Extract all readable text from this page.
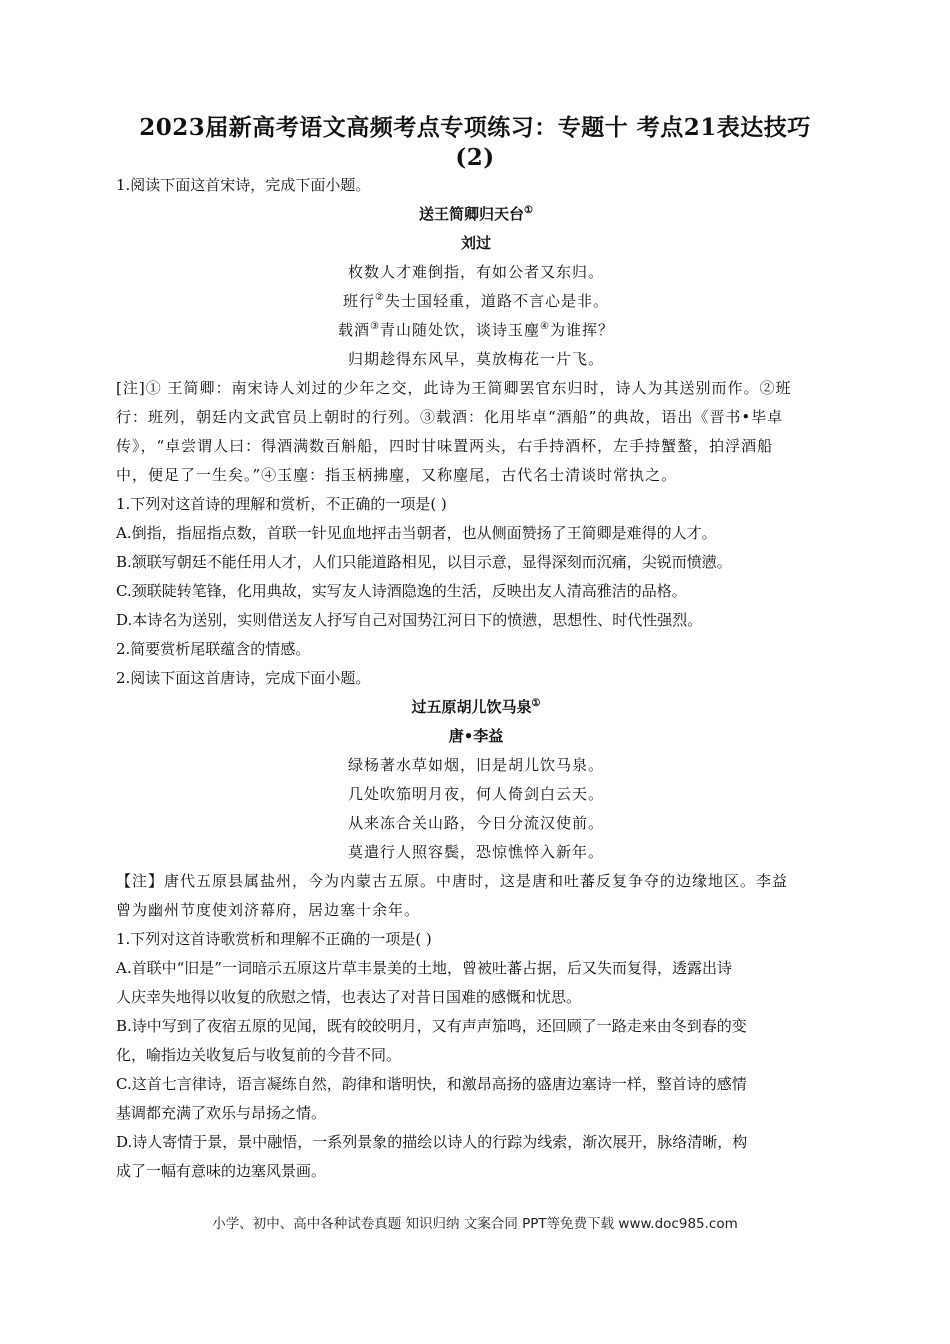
2023届新高考语文高频考点专项练习：专题十 考点21表达技巧
(2)

1.阅读下面这首宋诗，完成下面小题。

送王简卿归天台①

刘过

枚数人才难倒指，有如公者又东归。

班行②失士国轻重，道路不言心是非。

载酒③青山随处饮，谈诗玉麈④为谁挥？

归期趁得东风早，莫放梅花一片飞。

[注]① 王简卿：南宋诗人刘过的少年之交，此诗为王简卿罢官东归时，诗人为其送别而作。②班

行：班列，朝廷内文武官员上朝时的行列。③载酒：化用毕卓“酒船”的典故，语出《晋书•毕卓

传》，“卓尝谓人曰：得酒满数百斛船，四时甘味置两头，右手持酒杯，左手持蟹螯，拍浮酒船

中，便足了一生矣。”④玉麈：指玉柄拂麈，又称麈尾，古代名士清谈时常执之。

1.下列对这首诗的理解和赏析，不正确的一项是( )

A.倒指，指屈指点数，首联一针见血地抨击当朝者，也从侧面赞扬了王简卿是难得的人才。

B.颔联写朝廷不能任用人才，人们只能道路相见，以目示意，显得深刻而沉痛，尖锐而愤懑。

C.颈联陡转笔锋，化用典故，实写友人诗酒隐逸的生活，反映出友人清高雅洁的品格。

D.本诗名为送别，实则借送友人抒写自己对国势江河日下的愤懑，思想性、时代性强烈。

2.简要赏析尾联蕴含的情感。

2.阅读下面这首唐诗，完成下面小题。

过五原胡儿饮马泉①

唐•李益

绿杨著水草如烟，旧是胡儿饮马泉。

几处吹笳明月夜，何人倚剑白云天。

从来冻合关山路，今日分流汉使前。

莫遣行人照容鬓，恐惊憔悴入新年。

【注】唐代五原县属盐州，今为内蒙古五原。中唐时，这是唐和吐蕃反复争夺的边缘地区。李益

曾为幽州节度使刘济幕府，居边塞十余年。

1.下列对这首诗歌赏析和理解不正确的一项是( )

A.首联中“旧是”一词暗示五原这片草丰景美的土地，曾被吐蕃占据，后又失而复得，透露出诗

人庆幸失地得以收复的欣慰之情，也表达了对昔日国难的感慨和忧思。

B.诗中写到了夜宿五原的见闻，既有皎皎明月，又有声声笳鸣，还回顾了一路走来由冬到春的变

化，喻指边关收复后与收复前的今昔不同。

C.这首七言律诗，语言凝练自然，韵律和谐明快，和激昂高扬的盛唐边塞诗一样，整首诗的感情

基调都充满了欢乐与昂扬之情。

D.诗人寄情于景，景中融悟，一系列景象的描绘以诗人的行踪为线索，渐次展开，脉络清晰，构

成了一幅有意味的边塞风景画。

小学、初中、高中各种试卷真题 知识归纳 文案合同 PPT等免费下载 www.doc985.com
